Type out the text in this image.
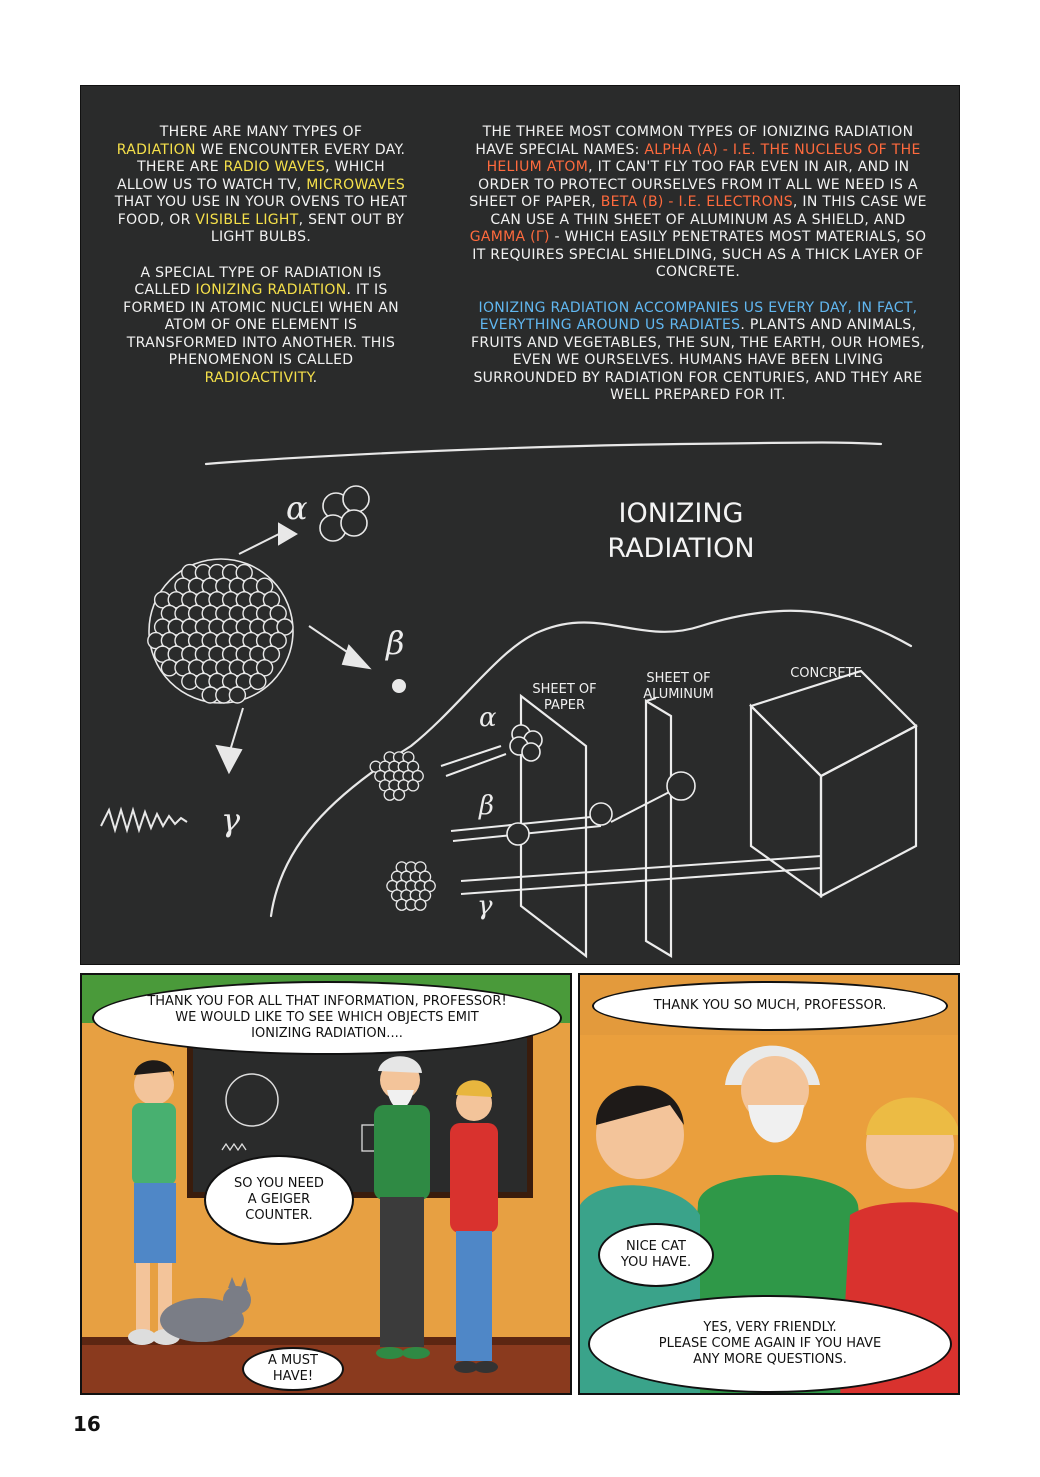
THERE ARE MANY TYPES OF
RADIATION WE ENCOUNTER EVERY DAY. THERE ARE RADIO WAVES, WHICH ALLOW US TO WATCH TV, MICROWAVES THAT YOU USE IN YOUR OVENS TO HEAT FOOD, OR VISIBLE LIGHT, SENT OUT BY LIGHT BULBS.
A SPECIAL TYPE OF RADIATION IS CALLED IONIZING RADIATION. IT IS FORMED IN ATOMIC NUCLEI WHEN AN ATOM OF ONE ELEMENT IS TRANSFORMED INTO ANOTHER. THIS PHENOMENON IS CALLED RADIOACTIVITY.
THE THREE MOST COMMON TYPES OF IONIZING RADIATION HAVE SPECIAL NAMES: ALPHA (Α) - I.E. THE NUCLEUS OF THE HELIUM ATOM, IT CAN'T FLY TOO FAR EVEN IN AIR, AND IN ORDER TO PROTECT OURSELVES FROM IT ALL WE NEED IS A SHEET OF PAPER, BETA (Β) - I.E. ELECTRONS, IN THIS CASE WE CAN USE A THIN SHEET OF ALUMINUM AS A SHIELD, AND GAMMA (Γ) - WHICH EASILY PENETRATES MOST MATERIALS, SO IT REQUIRES SPECIAL SHIELDING, SUCH AS A THICK LAYER OF CONCRETE.
IONIZING RADIATION ACCOMPANIES US EVERY DAY, IN FACT, EVERYTHING AROUND US RADIATES. PLANTS AND ANIMALS, FRUITS AND VEGETABLES, THE SUN, THE EARTH, OUR HOMES, EVEN WE OURSELVES. HUMANS HAVE BEEN LIVING SURROUNDED BY RADIATION FOR CENTURIES, AND THEY ARE WELL PREPARED FOR IT.
α
β
γ
α
β
γ
IONIZING
RADIATION
SHEET OF
PAPER
SHEET OF
ALUMINUM
CONCRETE
THANK YOU FOR ALL THAT INFORMATION, PROFESSOR!
WE WOULD LIKE TO SEE WHICH OBJECTS EMIT
IONIZING RADIATION....
SO YOU NEED
A GEIGER
COUNTER.
A MUST
HAVE!
THANK YOU SO MUCH, PROFESSOR.
NICE CAT
YOU HAVE.
YES, VERY FRIENDLY.
PLEASE COME AGAIN IF YOU HAVE
ANY MORE QUESTIONS.
16
